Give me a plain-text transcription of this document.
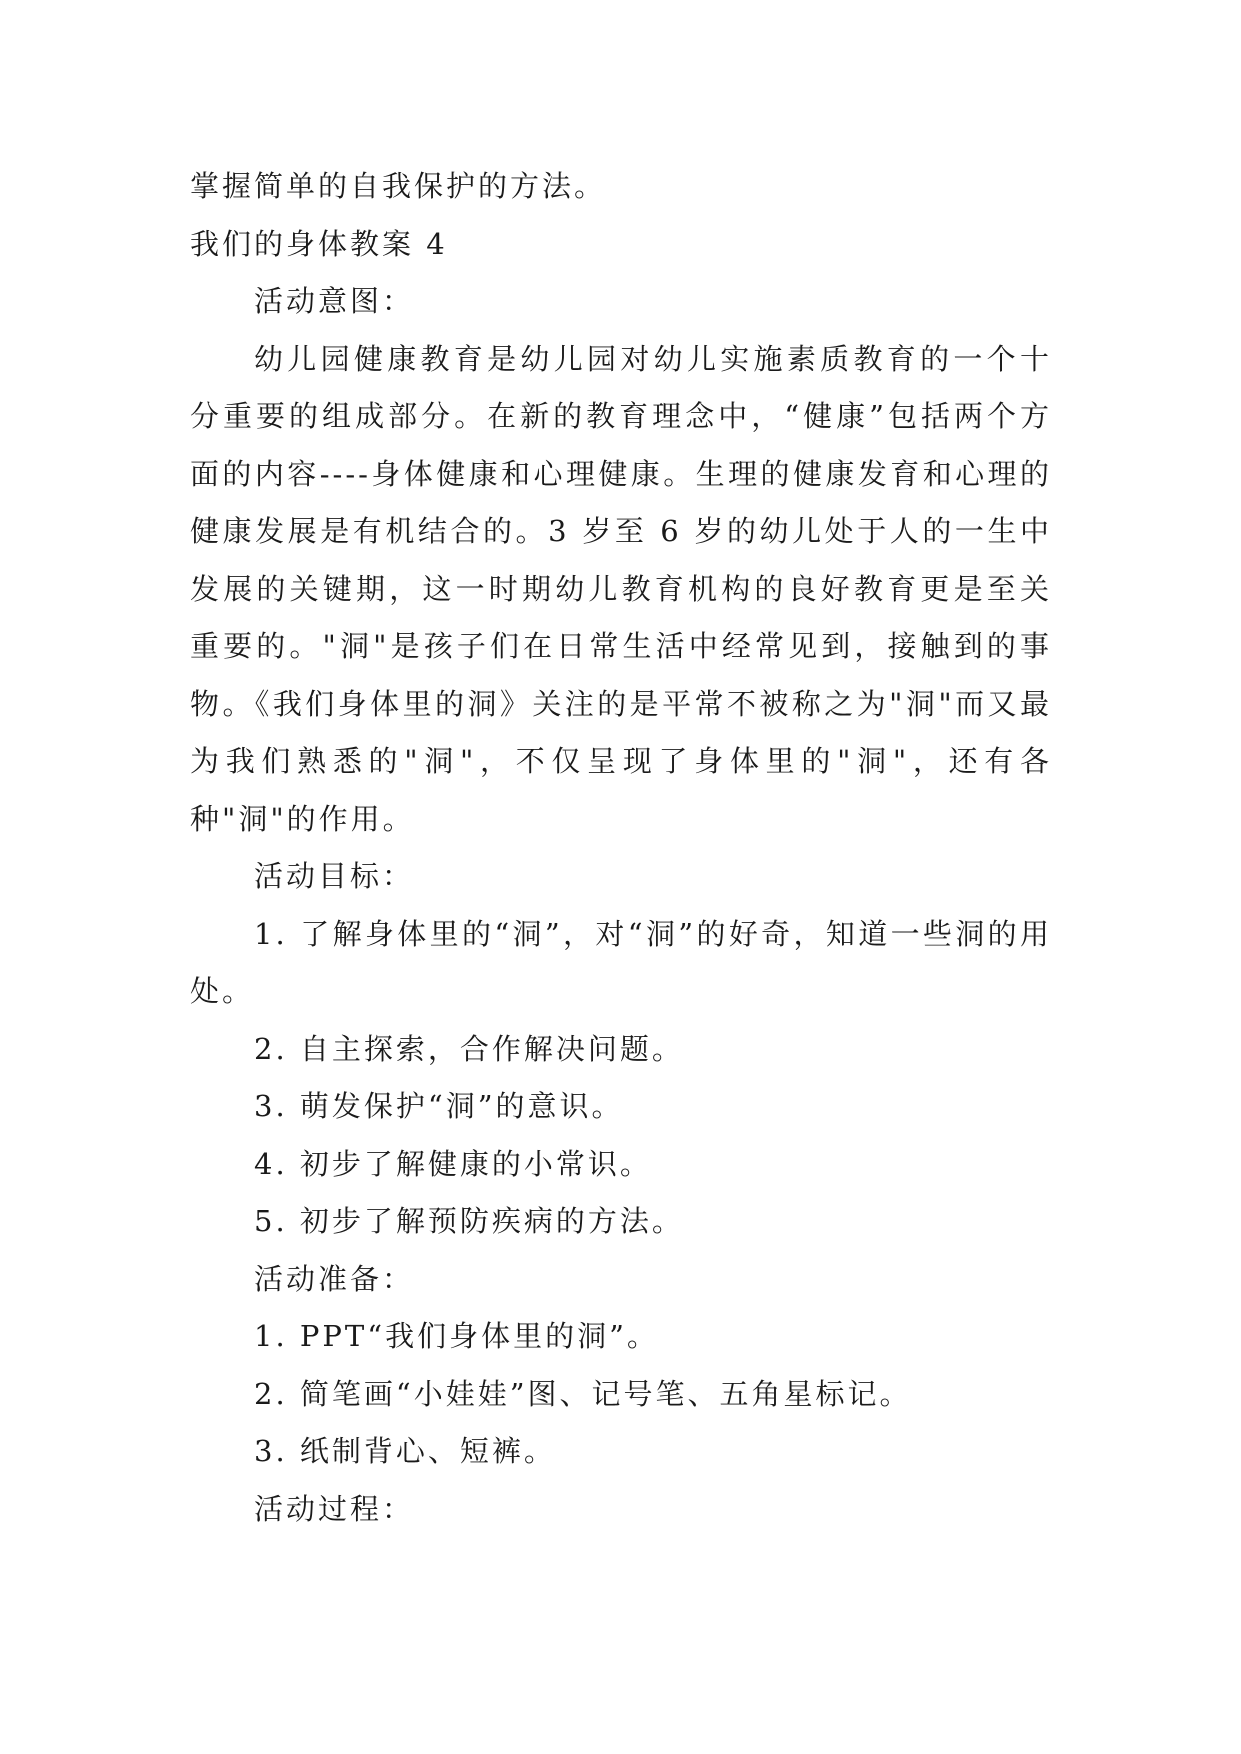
掌握简单的自我保护的方法。

我们的身体教案 4

活动意图：

幼儿园健康教育是幼儿园对幼儿实施素质教育的一个十分重要的组成部分。在新的教育理念中，“健康”包括两个方面的内容----身体健康和心理健康。生理的健康发育和心理的健康发展是有机结合的。3 岁至 6 岁的幼儿处于人的一生中发展的关键期，这一时期幼儿教育机构的良好教育更是至关重要的。"洞"是孩子们在日常生活中经常见到，接触到的事物。《我们身体里的洞》关注的是平常不被称之为"洞"而又最为我们熟悉的"洞"，不仅呈现了身体里的"洞"，还有各种"洞"的作用。

活动目标：

1. 了解身体里的“洞”，对“洞”的好奇，知道一些洞的用处。

2. 自主探索，合作解决问题。

3. 萌发保护“洞”的意识。

4. 初步了解健康的小常识。

5. 初步了解预防疾病的方法。

活动准备：

1. PPT“我们身体里的洞”。

2. 简笔画“小娃娃”图、记号笔、五角星标记。

3. 纸制背心、短裤。

活动过程：
